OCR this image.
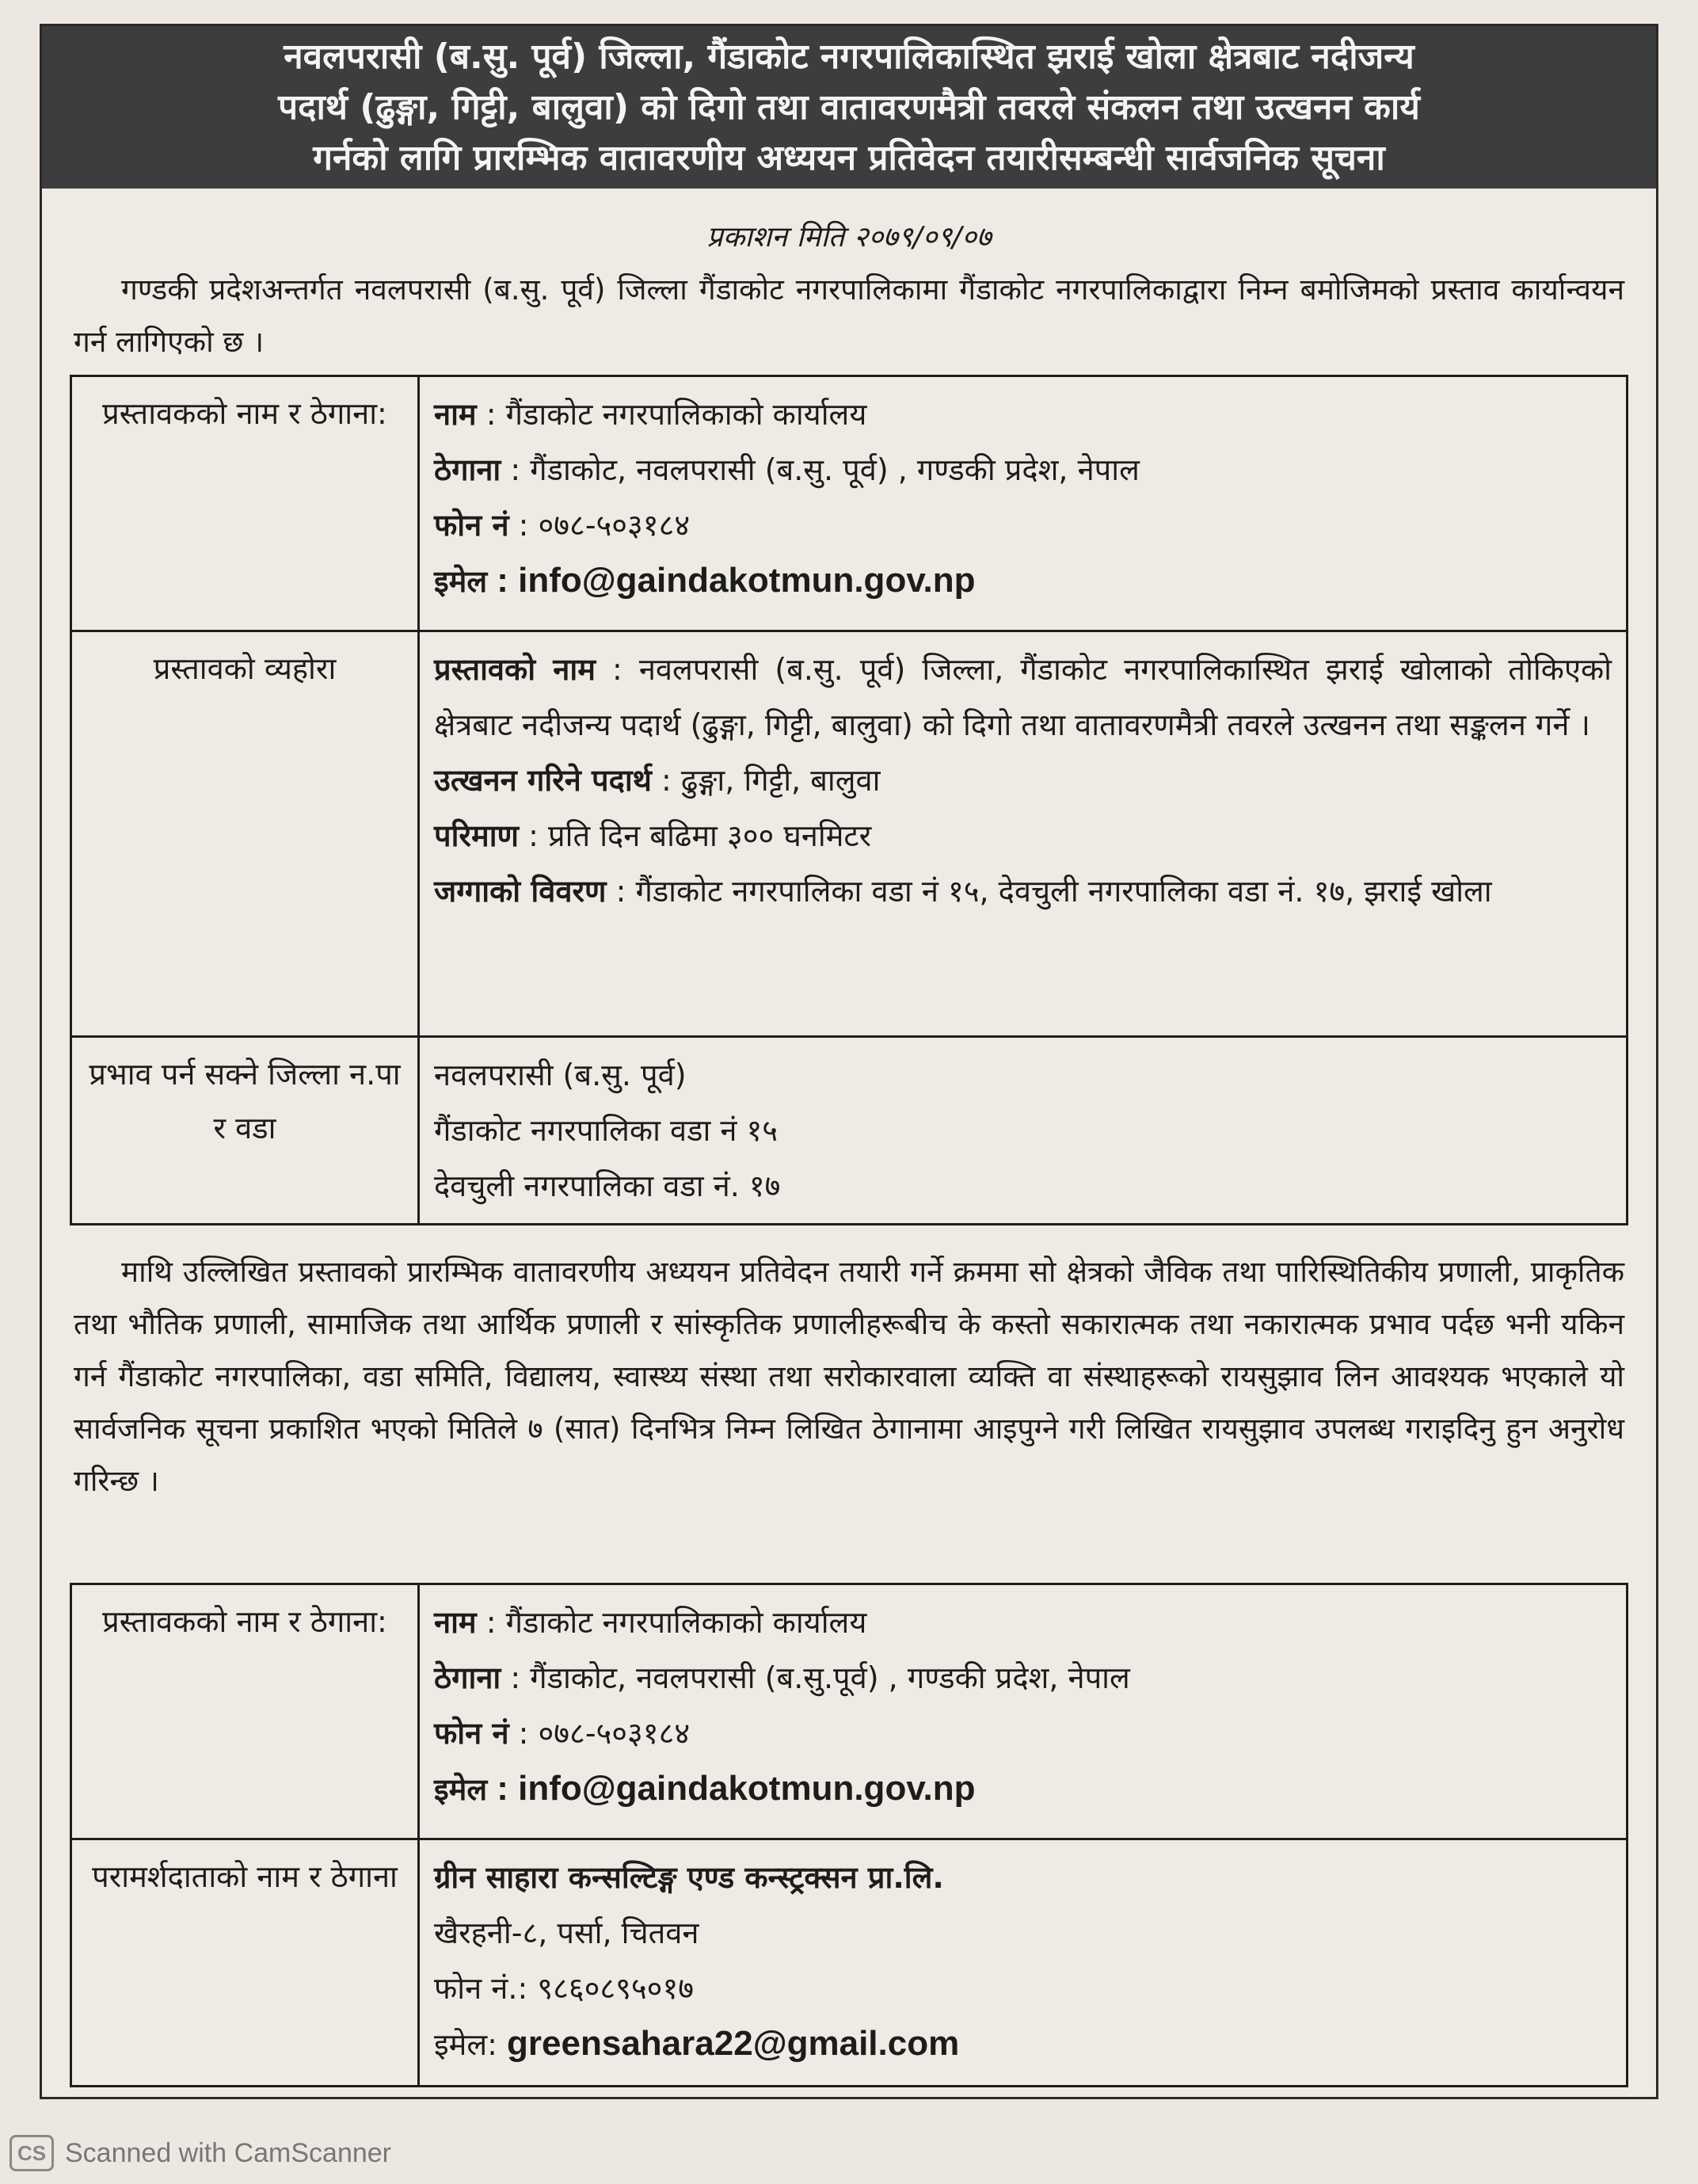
नवलपरासी (ब.सु. पूर्व) जिल्ला, गैंडाकोट नगरपालिकास्थित झराई खोला क्षेत्रबाट नदीजन्य
पदार्थ (ढुङ्गा, गिट्टी, बालुवा) को दिगो तथा वातावरणमैत्री तवरले संकलन तथा उत्खनन कार्य
गर्नको लागि प्रारम्भिक वातावरणीय अध्ययन प्रतिवेदन तयारीसम्बन्धी सार्वजनिक सूचना
प्रकाशन मिति २०७९/०९/०७
गण्डकी प्रदेशअन्तर्गत नवलपरासी (ब.सु. पूर्व) जिल्ला गैंडाकोट नगरपालिकामा गैंडाकोट नगरपालिकाद्वारा निम्न बमोजिमको प्रस्ताव कार्यान्वयन गर्न लागिएको छ ।
प्रस्तावकको नाम र ठेगाना:	नाम : गैंडाकोट नगरपालिकाको कार्यालय
ठेगाना : गैंडाकोट, नवलपरासी (ब.सु. पूर्व) , गण्डकी प्रदेश, नेपाल
फोन नं : ०७८-५०३१८४
इमेल : info@gaindakotmun.gov.np

प्रस्तावको व्यहोरा	प्रस्तावको नाम : नवलपरासी (ब.सु. पूर्व) जिल्ला, गैंडाकोट नगरपालिकास्थित झराई खोलाको तोकिएको क्षेत्रबाट नदीजन्य पदार्थ (ढुङ्गा, गिट्टी, बालुवा) को दिगो तथा वातावरणमैत्री तवरले उत्खनन तथा सङ्कलन गर्ने ।
उत्खनन गरिने पदार्थ : ढुङ्गा, गिट्टी, बालुवा
परिमाण : प्रति दिन बढिमा ३०० घनमिटर
जग्गाको विवरण : गैंडाकोट नगरपालिका वडा नं १५, देवचुली नगरपालिका वडा नं. १७, झराई खोला

प्रभाव पर्न सक्ने जिल्ला न.पा र वडा	नवलपरासी (ब.सु. पूर्व)
गैंडाकोट नगरपालिका वडा नं १५
देवचुली नगरपालिका वडा नं. १७
माथि उल्लिखित प्रस्तावको प्रारम्भिक वातावरणीय अध्ययन प्रतिवेदन तयारी गर्ने क्रममा सो क्षेत्रको जैविक तथा पारिस्थितिकीय प्रणाली, प्राकृतिक तथा भौतिक प्रणाली, सामाजिक तथा आर्थिक प्रणाली र सांस्कृतिक प्रणालीहरूबीच के कस्तो सकारात्मक तथा नकारात्मक प्रभाव पर्दछ भनी यकिन गर्न गैंडाकोट नगरपालिका, वडा समिति, विद्यालय, स्वास्थ्य संस्था तथा सरोकारवाला व्यक्ति वा संस्थाहरूको रायसुझाव लिन आवश्यक भएकाले यो सार्वजनिक सूचना प्रकाशित भएको मितिले ७ (सात) दिनभित्र निम्न लिखित ठेगानामा आइपुग्ने गरी लिखित रायसुझाव उपलब्ध गराइदिनु हुन अनुरोध गरिन्छ ।
प्रस्तावकको नाम र ठेगाना:	नाम : गैंडाकोट नगरपालिकाको कार्यालय
ठेगाना : गैंडाकोट, नवलपरासी (ब.सु.पूर्व) , गण्डकी प्रदेश, नेपाल
फोन नं : ०७८-५०३१८४
इमेल : info@gaindakotmun.gov.np

परामर्शदाताको नाम र ठेगाना	ग्रीन साहारा कन्सल्टिङ्ग एण्ड कन्स्ट्रक्सन प्रा.लि.
खैरहनी-८, पर्सा, चितवन
फोन नं.: ९८६०८९५०१७
इमेल: greensahara22@gmail.com
CS Scanned with CamScanner
